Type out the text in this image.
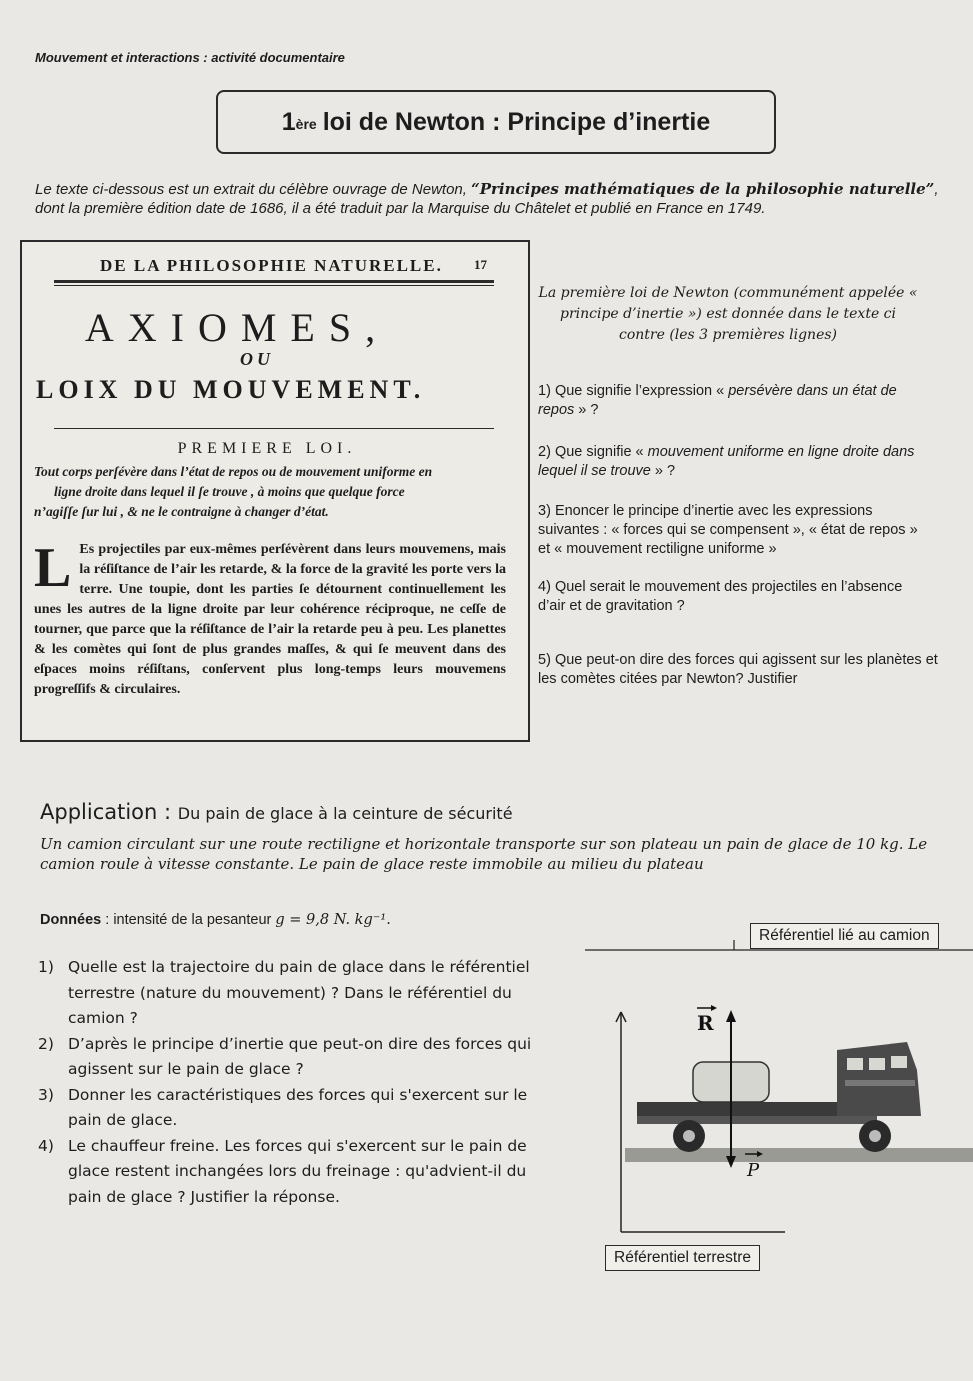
Mouvement et interactions : activité documentaire
1ère loi de Newton : Principe d’inertie
Le texte ci-dessous est un extrait du célèbre ouvrage de Newton, “Principes mathématiques de la philosophie naturelle”, dont la première édition date de 1686, il a été traduit par la Marquise du Châtelet et publié en France en 1749.
DE LA PHILOSOPHIE NATURELLE. 17
AXIOMES,
OU
LOIX DU MOUVEMENT.
PREMIERE LOI.
Tout corps perſévère dans l’état de repos ou de mouvement uniforme en

ligne droite dans lequel il ſe trouve , à moins que quelque force
n’agiſſe ſur lui , & ne le contraigne à changer d’état.
L Es projectiles par eux-mêmes perſévèrent dans leurs mouvemens, mais la réſiſtance de l’air les retarde, & la force de la gravité les porte vers la terre. Une toupie, dont les parties ſe détournent continuellement les unes les autres de la ligne droite par leur cohérence réciproque, ne ceſſe de tourner, que parce que la réſiſtance de l’air la retarde peu à peu. Les planettes & les comètes qui ſont de plus grandes maſſes, & qui ſe meuvent dans des eſpaces moins réſiſtans, conſervent plus long-temps leurs mouvemens progreſſifs & circulaires.
La première loi de Newton (communément appelée « principe d’inertie ») est donnée dans le texte ci contre (les 3 premières lignes)
1) Que signifie l’expression « persévère dans un état de repos » ?
2) Que signifie « mouvement uniforme en ligne droite dans lequel il se trouve » ?
3) Enoncer le principe d’inertie avec les expressions suivantes : « forces qui se compensent », « état de repos » et « mouvement rectiligne uniforme »
4) Quel serait le mouvement des projectiles en l’absence d’air et de gravitation ?
5) Que peut-on dire des forces qui agissent sur les planètes et les comètes citées par Newton? Justifier
Application : Du pain de glace à la ceinture de sécurité
Un camion circulant sur une route rectiligne et horizontale transporte sur son plateau un pain de glace de 10 kg. Le camion roule à vitesse constante. Le pain de glace reste immobile au milieu du plateau
Données : intensité de la pesanteur g = 9,8 N. kg⁻¹.
1) Quelle est la trajectoire du pain de glace dans le référentiel terrestre (nature du mouvement) ? Dans le référentiel du camion ?
2) D’après le principe d’inertie que peut-on dire des forces qui agissent sur le pain de glace ?
3) Donner les caractéristiques des forces qui s'exercent sur le pain de glace.
4) Le chauffeur freine. Les forces qui s'exercent sur le pain de glace restent inchangées lors du freinage : qu'advient-il du pain de glace ? Justifier la réponse.
R
P
Référentiel lié au camion
Référentiel terrestre
